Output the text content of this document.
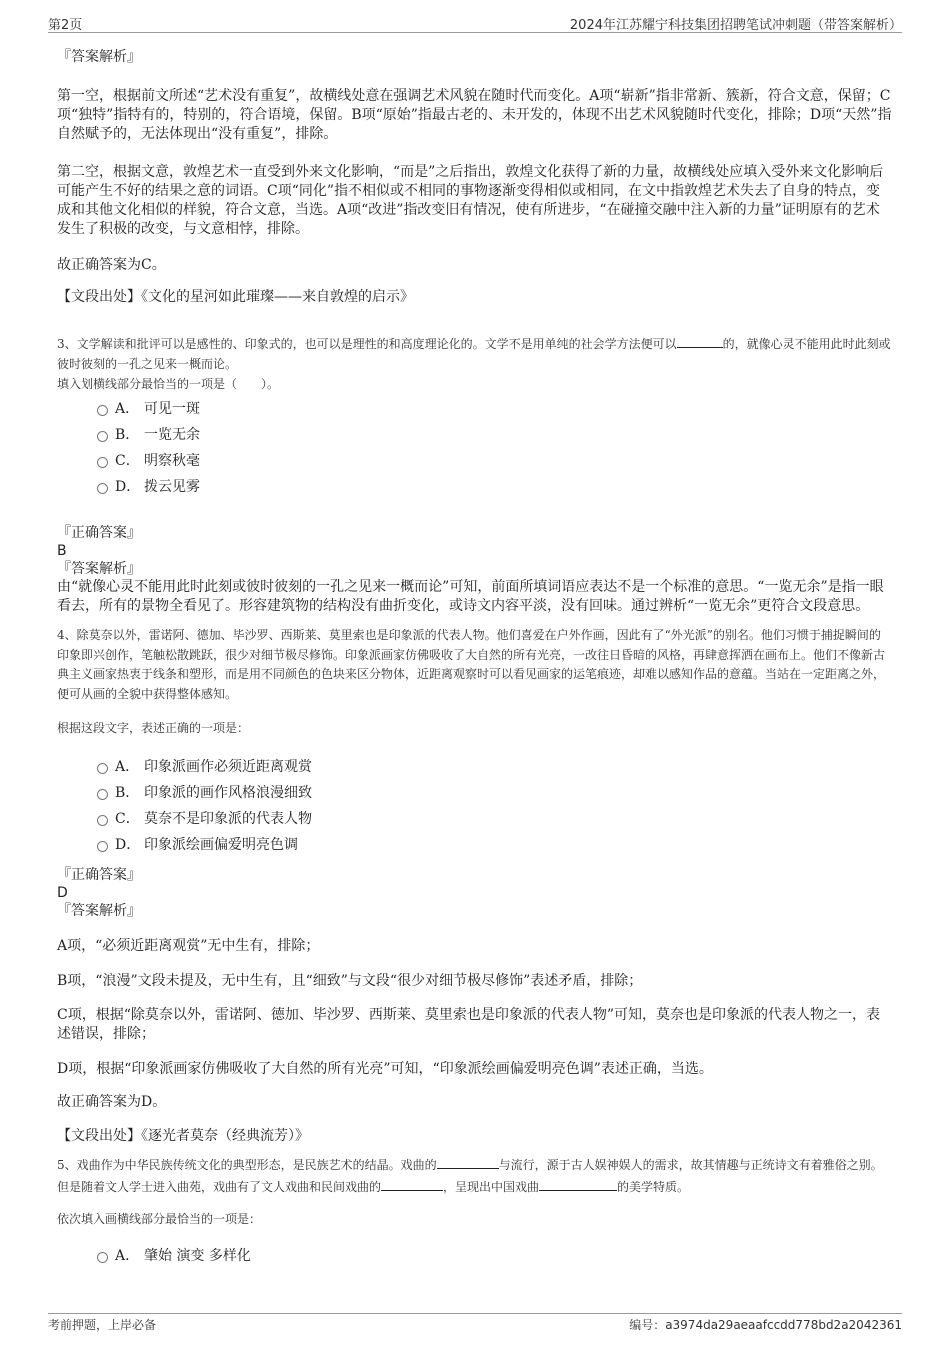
第2页	2024年江苏耀宁科技集团招聘笔试冲刺题（带答案解析）

『答案解析』

第一空，根据前文所述“艺术没有重复”，故横线处意在强调艺术风貌在随时代而变化。A项“崭新”指非常新、簇新，符合文意，保留；C项“独特”指特有的，特别的，符合语境，保留。B项“原始”指最古老的、未开发的，体现不出艺术风貌随时代变化，排除；D项“天然”指自然赋予的，无法体现出“没有重复”，排除。

第二空，根据文意，敦煌艺术一直受到外来文化影响，“而是”之后指出，敦煌文化获得了新的力量，故横线处应填入受外来文化影响后可能产生不好的结果之意的词语。C项“同化”指不相似或不相同的事物逐渐变得相似或相同，在文中指敦煌艺术失去了自身的特点，变成和其他文化相似的样貌，符合文意，当选。A项“改进”指改变旧有情况，使有所进步，“在碰撞交融中注入新的力量”证明原有的艺术发生了积极的改变，与文意相悖，排除。

故正确答案为C。

【文段出处】《文化的星河如此璀璨——来自敦煌的启示》

3、文学解读和批评可以是感性的、印象式的，也可以是理性的和高度理论化的。文学不是用单纯的社会学方法便可以	的，就像心灵不能用此时此刻或彼时彼刻的一孔之见来一概而论。

填入划横线部分最恰当的一项是（　　）。

A． 可见一斑
B． 一览无余
C． 明察秋毫
D． 拨云见雾

『正确答案』

B

『答案解析』

由“就像心灵不能用此时此刻或彼时彼刻的一孔之见来一概而论”可知，前面所填词语应表达不是一个标准的意思。“一览无余”是指一眼看去，所有的景物全看见了。形容建筑物的结构没有曲折变化，或诗文内容平淡，没有回味。通过辨析“一览无余”更符合文段意思。

4、除莫奈以外，雷诺阿、德加、毕沙罗、西斯莱、莫里索也是印象派的代表人物。他们喜爱在户外作画，因此有了“外光派”的别名。他们习惯于捕捉瞬间的印象即兴创作，笔触松散跳跃，很少对细节极尽修饰。印象派画家仿佛吸收了大自然的所有光亮，一改往日昏暗的风格，再肆意挥洒在画布上。他们不像新古典主义画家热衷于线条和塑形，而是用不同颜色的色块来区分物体，近距离观察时可以看见画家的运笔痕迹，却难以感知作品的意蕴。当站在一定距离之外，便可从画的全貌中获得整体感知。

根据这段文字，表述正确的一项是：

A． 印象派画作必须近距离观赏
B． 印象派的画作风格浪漫细致
C． 莫奈不是印象派的代表人物
D． 印象派绘画偏爱明亮色调

『正确答案』

D

『答案解析』

A项，“必须近距离观赏”无中生有，排除；

B项，“浪漫”文段未提及，无中生有，且“细致”与文段“很少对细节极尽修饰”表述矛盾，排除；

C项，根据“除莫奈以外，雷诺阿、德加、毕沙罗、西斯莱、莫里索也是印象派的代表人物”可知，莫奈也是印象派的代表人物之一，表述错误，排除；

D项，根据“印象派画家仿佛吸收了大自然的所有光亮”可知，“印象派绘画偏爱明亮色调”表述正确，当选。

故正确答案为D。

【文段出处】《逐光者莫奈（经典流芳）》

5、戏曲作为中华民族传统文化的典型形态，是民族艺术的结晶。戏曲的	与流行，源于古人娱神娱人的需求，故其情趣与正统诗文有着雅俗之别。但是随着文人学士进入曲苑，戏曲有了文人戏曲和民间戏曲的	，呈现出中国戏曲	的美学特质。

依次填入画横线部分最恰当的一项是：

A． 肇始 演变 多样化
考前押题，上岸必备	编号：a3974da29aeaafccdd778bd2a2042361
